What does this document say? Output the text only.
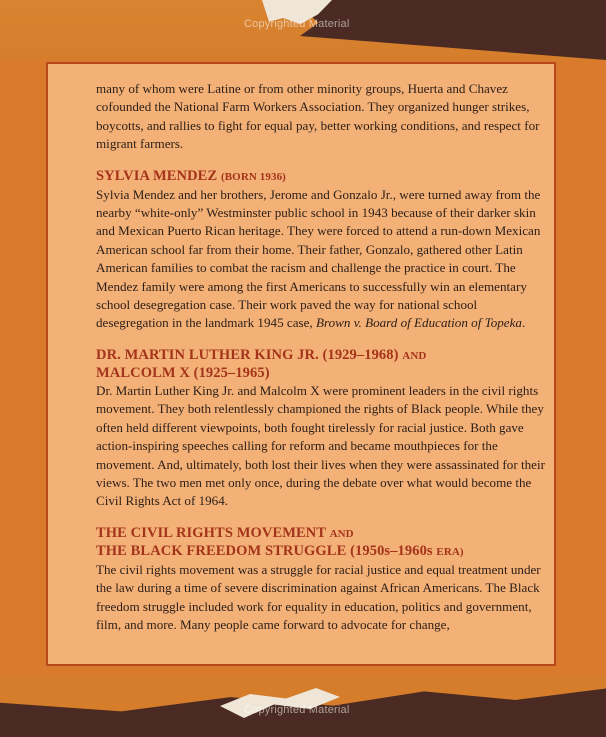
Copyrighted Material
Copyrighted Material

many of whom were Latine or from other minority groups, Huerta and Chavez cofounded the National Farm Workers Association. They organized hunger strikes, boycotts, and rallies to fight for equal pay, better working conditions, and respect for migrant farmers.

SYLVIA MENDEZ (BORN 1936)

Sylvia Mendez and her brothers, Jerome and Gonzalo Jr., were turned away from the nearby “white-only” Westminster public school in 1943 because of their darker skin and Mexican Puerto Rican heritage. They were forced to attend a run-down Mexican American school far from their home. Their father, Gonzalo, gathered other Latin American families to combat the racism and challenge the practice in court. The Mendez family were among the first Americans to successfully win an elementary school desegregation case. Their work paved the way for national school desegregation in the landmark 1945 case, Brown v. Board of Education of Topeka.

DR. MARTIN LUTHER KING JR. (1929–1968) AND
MALCOLM X (1925–1965)

Dr. Martin Luther King Jr. and Malcolm X were prominent leaders in the civil rights movement. They both relentlessly championed the rights of Black people. While they often held different viewpoints, both fought tirelessly for racial justice. Both gave action-inspiring speeches calling for reform and became mouthpieces for the movement. And, ultimately, both lost their lives when they were assassinated for their views. The two men met only once, during the debate over what would become the Civil Rights Act of 1964.

THE CIVIL RIGHTS MOVEMENT AND
THE BLACK FREEDOM STRUGGLE (1950s–1960s ERA)

The civil rights movement was a struggle for racial justice and equal treatment under the law during a time of severe discrimination against African Americans. The Black freedom struggle included work for equality in education, politics and government, film, and more. Many people came forward to advocate for change,
